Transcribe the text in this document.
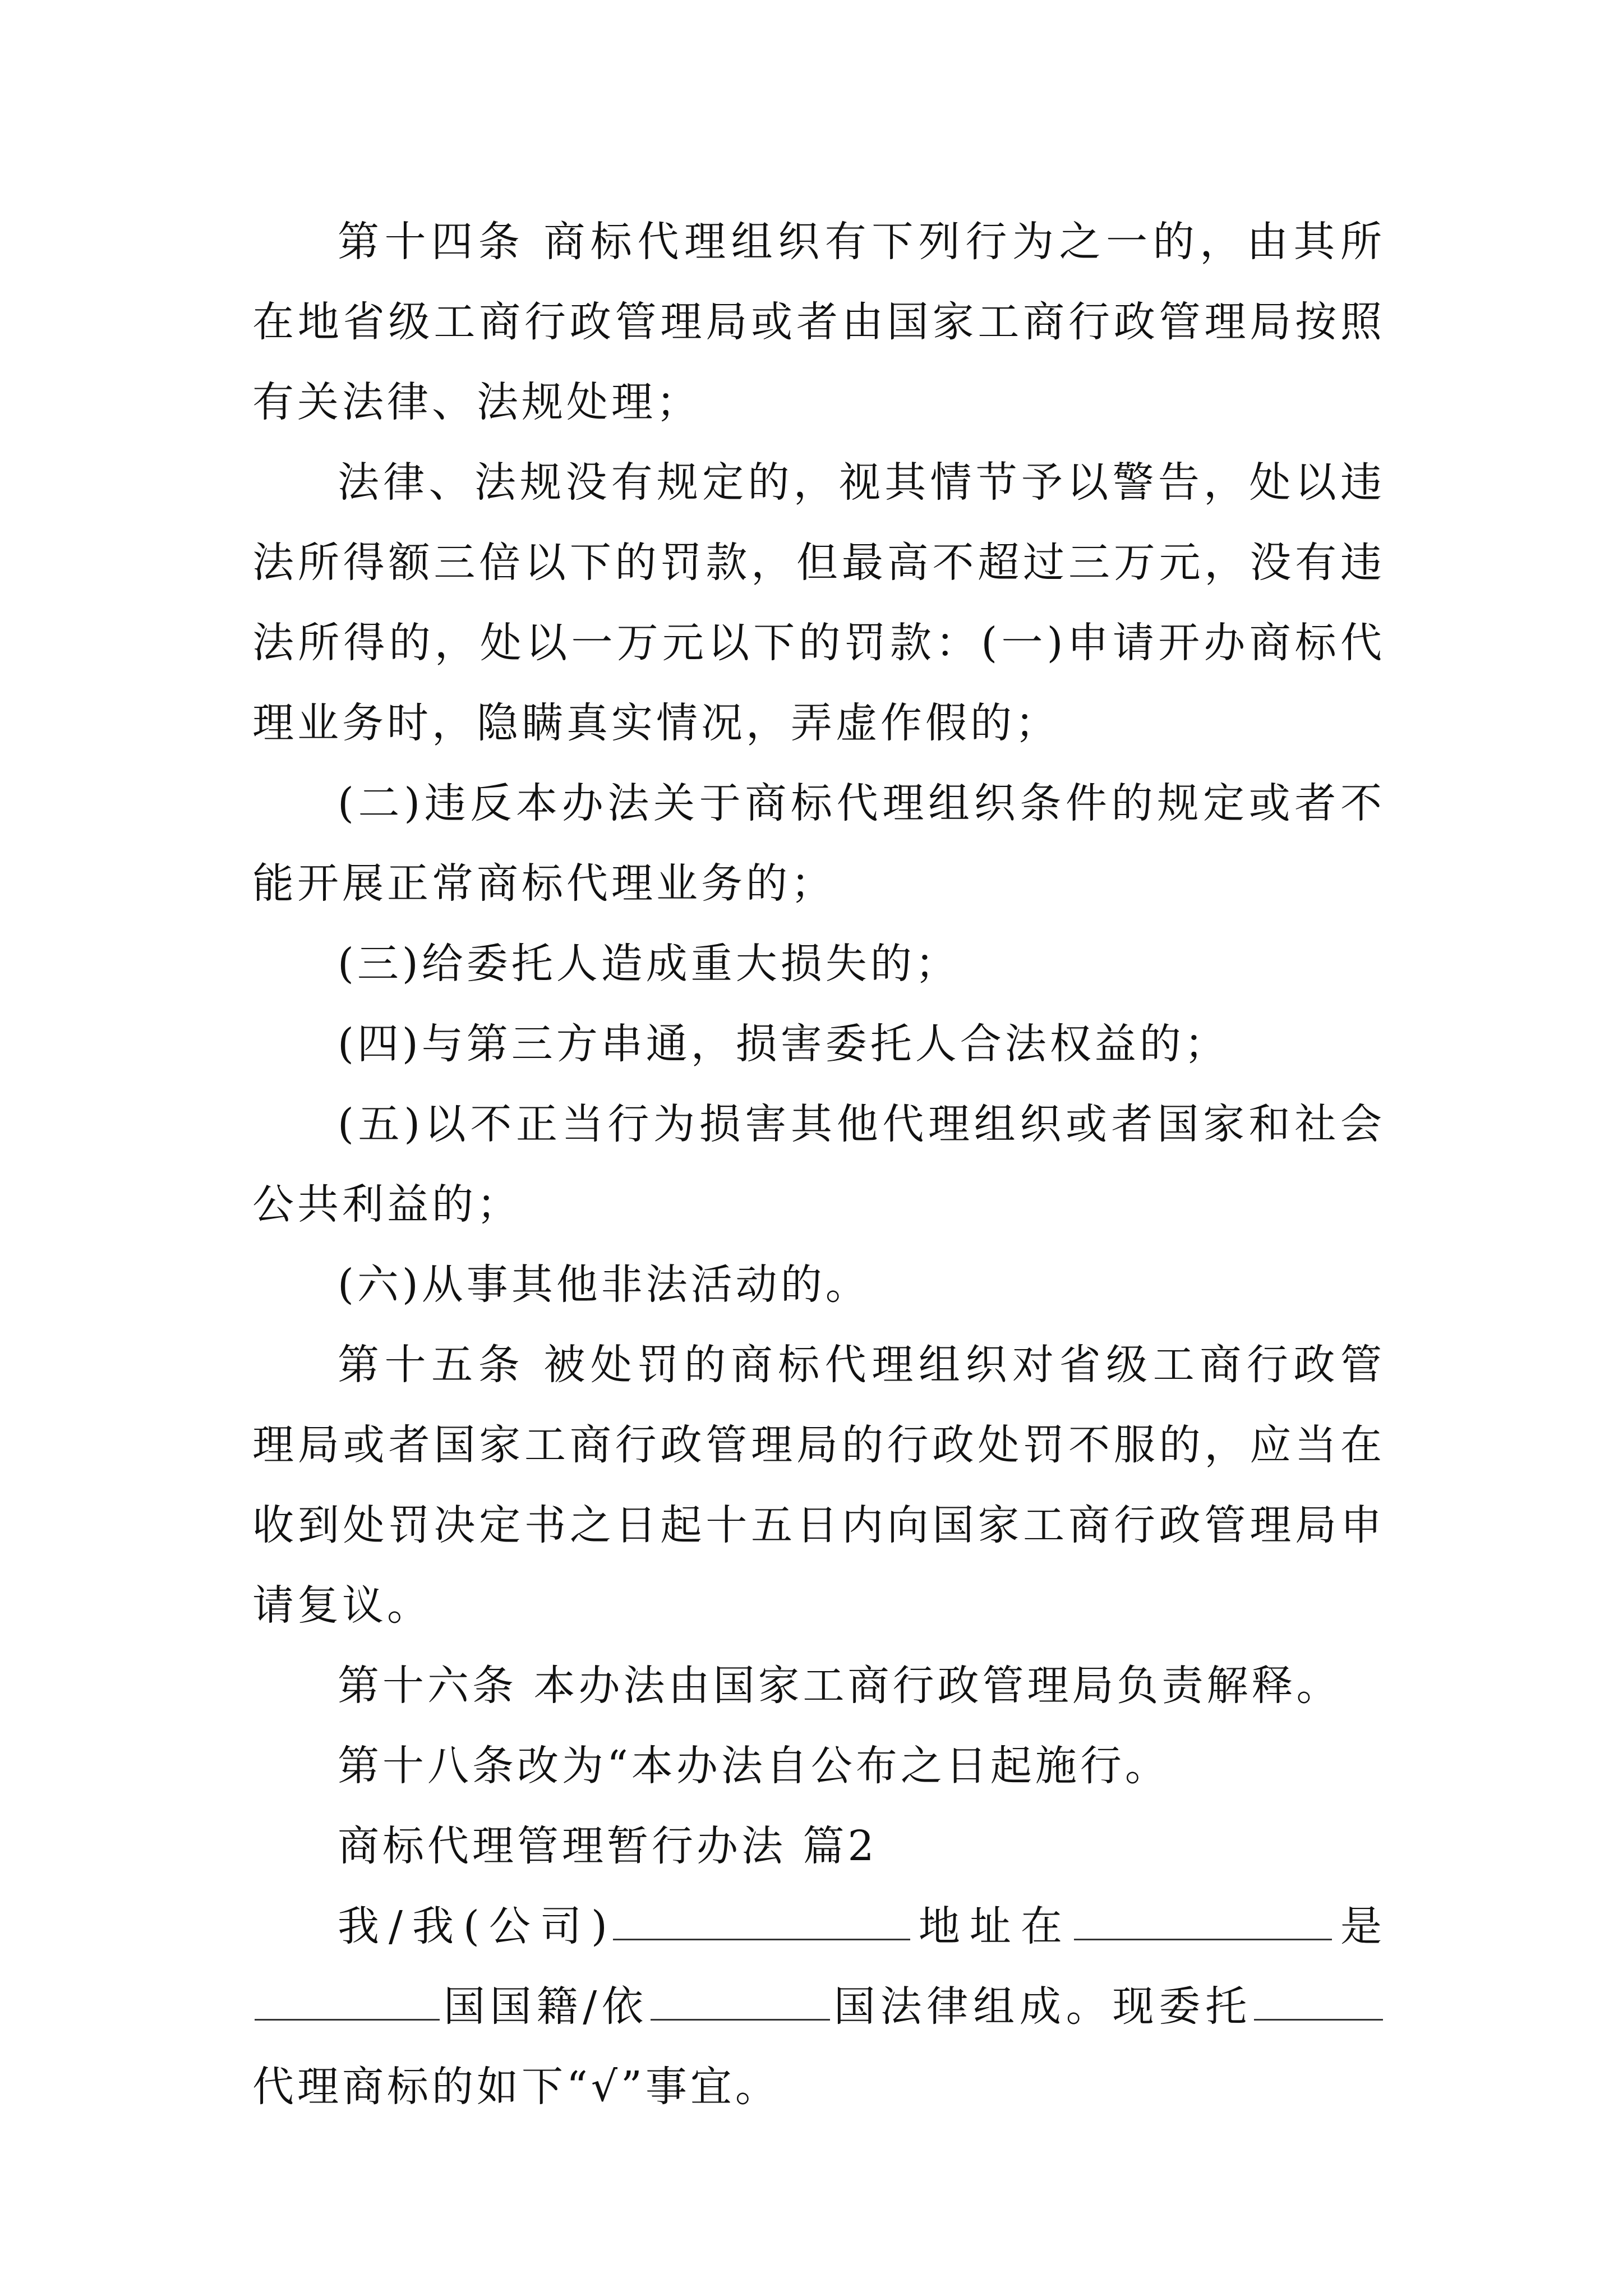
第十四条 商标代理组织有下列行为之一的，由其所在地省级工商行政管理局或者由国家工商行政管理局按照有关法律、法规处理；

法律、法规没有规定的，视其情节予以警告，处以违法所得额三倍以下的罚款，但最高不超过三万元，没有违法所得的，处以一万元以下的罚款：(一)申请开办商标代理业务时，隐瞒真实情况，弄虚作假的；

(二)违反本办法关于商标代理组织条件的规定或者不能开展正常商标代理业务的；

(三)给委托人造成重大损失的；

(四)与第三方串通，损害委托人合法权益的；

(五)以不正当行为损害其他代理组织或者国家和社会公共利益的；

(六)从事其他非法活动的。

第十五条 被处罚的商标代理组织对省级工商行政管理局或者国家工商行政管理局的行政处罚不服的，应当在收到处罚决定书之日起十五日内向国家工商行政管理局申请复议。

第十六条 本办法由国家工商行政管理局负责解释。

第十八条改为“本办法自公布之日起施行。

商标代理管理暂行办法 篇2

我/我(公司)	地址在	是国国籍/依	国法律组成。现委托代理商标的如下“√”事宜。
